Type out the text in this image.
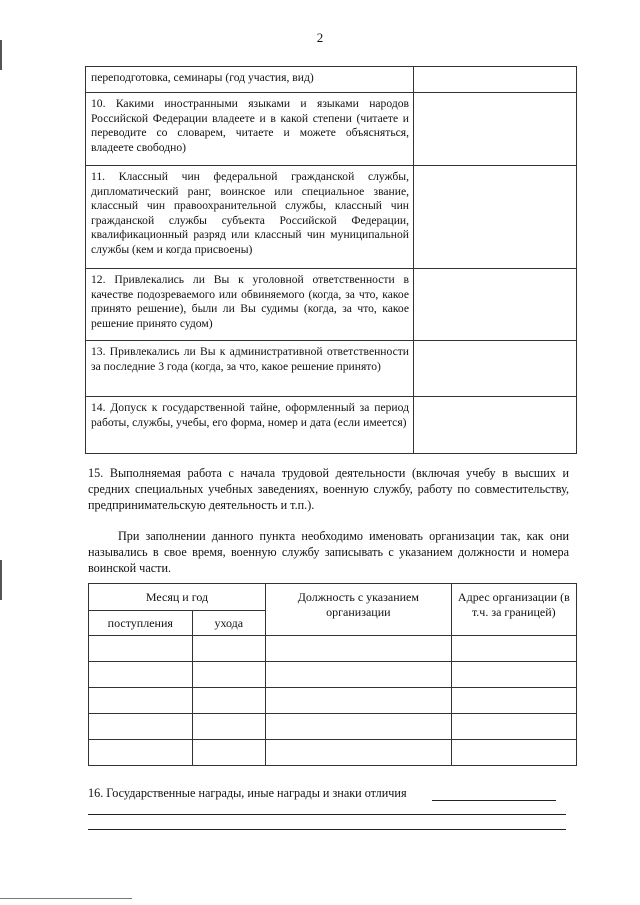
2
переподготовка, семинары (год участия, вид)	

10. Какими иностранными языками и языками народов Российской Федерации владеете и в какой степени (читаете и переводите со словарем, читаете и можете объясняться, владеете свободно)	

11. Классный чин федеральной гражданской службы, дипломатический ранг, воинское или специальное звание, классный чин правоохранительной службы, классный чин гражданской службы субъекта Российской Федерации, квалификационный разряд или классный чин муниципальной службы (кем и когда присвоены)	

12. Привлекались ли Вы к уголовной ответственности в качестве подозреваемого или обвиняемого (когда, за что, какое принято решение), были ли Вы судимы (когда, за что, какое решение принято судом)	

13. Привлекались ли Вы к административной ответственности за последние 3 года (когда, за что, какое решение принято)	

14. Допуск к государственной тайне, оформленный за период работы, службы, учебы, его форма, номер и дата (если имеется)	

15. Выполняемая работа с начала трудовой деятельности (включая учебу в высших и средних специальных учебных заведениях, военную службу, работу по совместительству, предпринимательскую деятельность и т.п.).
При заполнении данного пункта необходимо именовать организации так, как они назывались в свое время, военную службу записывать с указанием должности и номера воинской части.
Месяц и год		Должность с указанием организации	Адрес организации (в т.ч. за границей)
поступления	ухода		

16. Государственные награды, иные награды и знаки отличия
